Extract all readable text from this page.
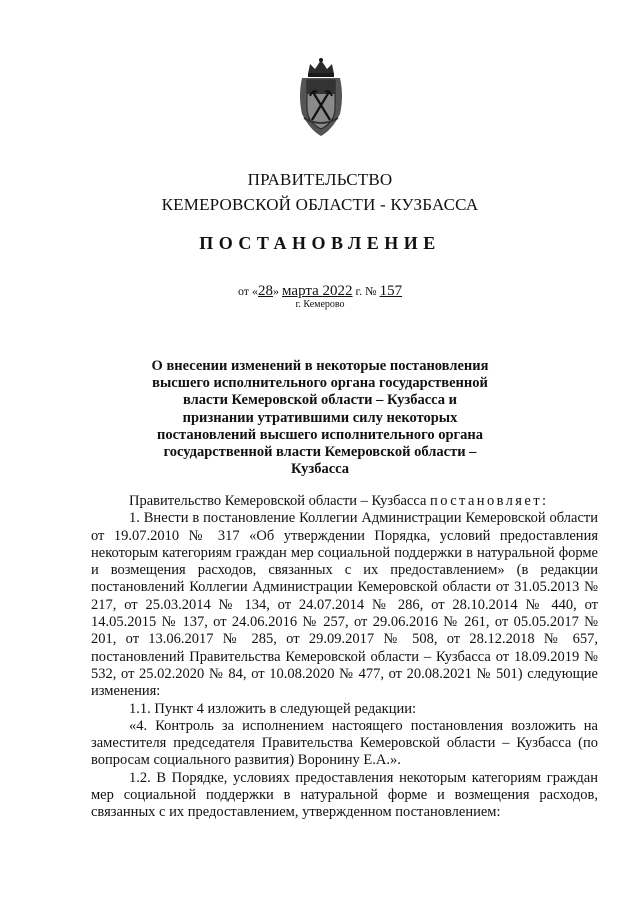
ПРАВИТЕЛЬСТВО
КЕМЕРОВСКОЙ ОБЛАСТИ - КУЗБАССА
ПОСТАНОВЛЕНИЕ
от «28» марта 2022 г. № 157
г. Кемерово
О внесении изменений в некоторые постановления высшего исполнительного органа государственной власти Кемеровской области – Кузбасса и признании утратившими силу некоторых постановлений высшего исполнительного органа государственной власти Кемеровской области – Кузбасса

Правительство Кемеровской области – Кузбасса постановляет:

1. Внести в постановление Коллегии Администрации Кемеровской области от 19.07.2010 № 317 «Об утверждении Порядка, условий предоставления некоторым категориям граждан мер социальной поддержки в натуральной форме и возмещения расходов, связанных с их предоставлением» (в редакции постановлений Коллегии Администрации Кемеровской области от 31.05.2013 № 217, от 25.03.2014 № 134, от 24.07.2014 № 286, от 28.10.2014 № 440, от 14.05.2015 № 137, от 24.06.2016 № 257, от 29.06.2016 № 261, от 05.05.2017 № 201, от 13.06.2017 № 285, от 29.09.2017 № 508, от 28.12.2018 № 657, постановлений Правительства Кемеровской области – Кузбасса от 18.09.2019 № 532, от 25.02.2020 № 84, от 10.08.2020 № 477, от 20.08.2021 № 501) следующие изменения:

1.1. Пункт 4 изложить в следующей редакции:

«4. Контроль за исполнением настоящего постановления возложить на заместителя председателя Правительства Кемеровской области – Кузбасса (по вопросам социального развития) Воронину Е.А.».

1.2. В Порядке, условиях предоставления некоторым категориям граждан мер социальной поддержки в натуральной форме и возмещения расходов, связанных с их предоставлением, утвержденном постановлением:
